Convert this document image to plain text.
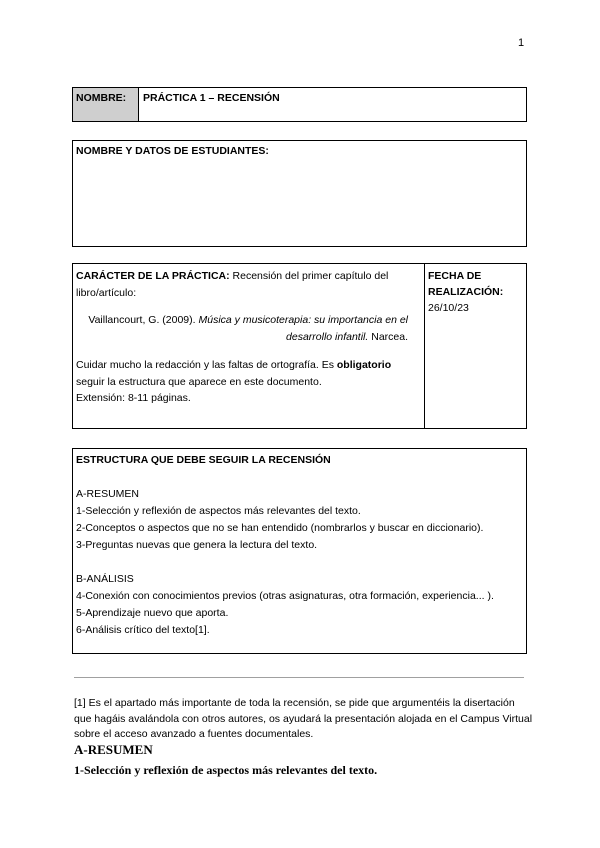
1
NOMBRE:	PRÁCTICA 1 – RECENSIÓN
NOMBRE Y DATOS DE ESTUDIANTES:
CARÁCTER DE LA PRÁCTICA: Recensión del primer capítulo del libro/artículo:
Vaillancourt, G. (2009). Música y musicoterapia: su importancia en el desarrollo infantil. Narcea.
Cuidar mucho la redacción y las faltas de ortografía. Es obligatorio seguir la estructura que aparece en este documento.
Extensión: 8-11 páginas.
FECHA DE REALIZACIÓN:
26/10/23
ESTRUCTURA QUE DEBE SEGUIR LA RECENSIÓN
A-RESUMEN
1-Selección y reflexión de aspectos más relevantes del texto.
2-Conceptos o aspectos que no se han entendido (nombrarlos y buscar en diccionario).
3-Preguntas nuevas que genera la lectura del texto.
B-ANÁLISIS
4-Conexión con conocimientos previos (otras asignaturas, otra formación, experiencia... ).
5-Aprendizaje nuevo que aporta.
6-Análisis crítico del texto[1].
[1] Es el apartado más importante de toda la recensión, se pide que argumentéis la disertación que hagáis avalándola con otros autores, os ayudará la presentación alojada en el Campus Virtual sobre el acceso avanzado a fuentes documentales.
A-RESUMEN
1-Selección y reflexión de aspectos más relevantes del texto.
